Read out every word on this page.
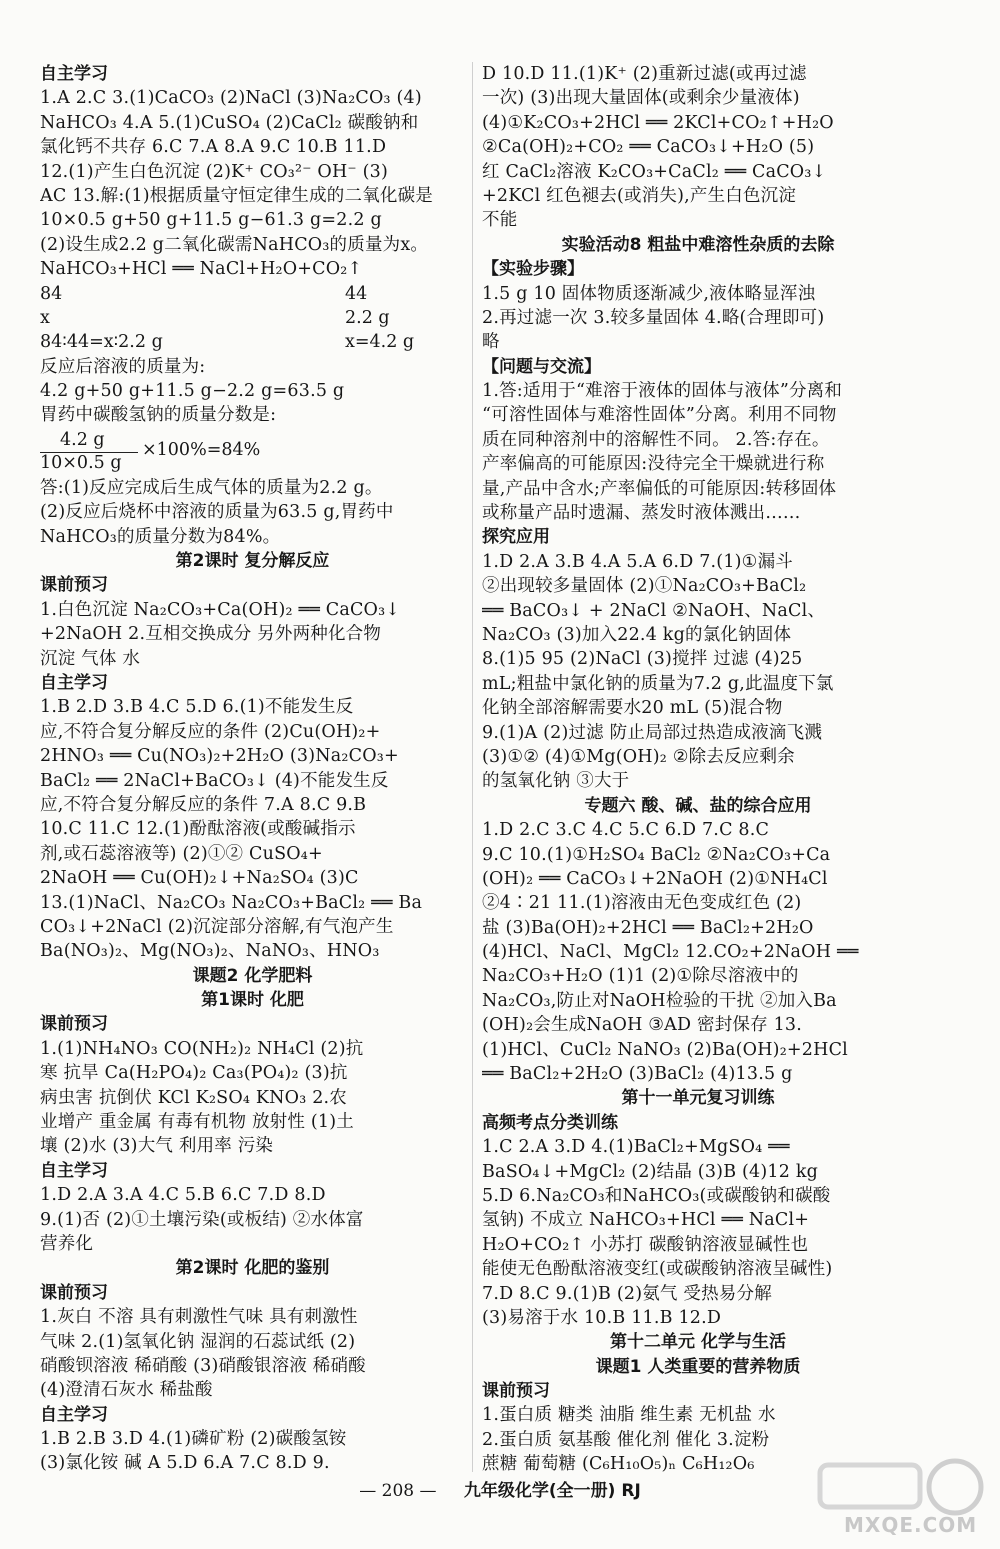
自主学习
1.A 2.C 3.(1)CaCO₃ (2)NaCl (3)Na₂CO₃ (4)
NaHCO₃ 4.A 5.(1)CuSO₄ (2)CaCl₂ 碳酸钠和
氯化钙不共存 6.C 7.A 8.A 9.C 10.B 11.D
12.(1)产生白色沉淀 (2)K⁺ CO₃²⁻ OH⁻ (3)
AC 13.解:(1)根据质量守恒定律生成的二氧化碳是
10×0.5 g+50 g+11.5 g−61.3 g=2.2 g
(2)设生成2.2 g二氧化碳需NaHCO₃的质量为x。
NaHCO₃+HCl ══ NaCl+H₂O+CO₂↑
84	44
x	2.2 g
84∶44=x∶2.2 g	x=4.2 g
反应后溶液的质量为:
4.2 g+50 g+11.5 g−2.2 g=63.5 g
胃药中碳酸氢钠的质量分数是:
4.2 g
10×0.5 g
×100%=84%
答:(1)反应完成后生成气体的质量为2.2 g。
(2)反应后烧杯中溶液的质量为63.5 g,胃药中
NaHCO₃的质量分数为84%。
第2课时 复分解反应
课前预习
1.白色沉淀 Na₂CO₃+Ca(OH)₂ ══ CaCO₃↓
+2NaOH 2.互相交换成分 另外两种化合物
沉淀 气体 水
自主学习
1.B 2.D 3.B 4.C 5.D 6.(1)不能发生反
应,不符合复分解反应的条件 (2)Cu(OH)₂+
2HNO₃ ══ Cu(NO₃)₂+2H₂O (3)Na₂CO₃+
BaCl₂ ══ 2NaCl+BaCO₃↓ (4)不能发生反
应,不符合复分解反应的条件 7.A 8.C 9.B
10.C 11.C 12.(1)酚酞溶液(或酸碱指示
剂,或石蕊溶液等) (2)①② CuSO₄+
2NaOH ══ Cu(OH)₂↓+Na₂SO₄ (3)C
13.(1)NaCl、Na₂CO₃ Na₂CO₃+BaCl₂ ══ Ba
CO₃↓+2NaCl (2)沉淀部分溶解,有气泡产生
Ba(NO₃)₂、Mg(NO₃)₂、NaNO₃、HNO₃
课题2 化学肥料
第1课时 化肥
课前预习
1.(1)NH₄NO₃ CO(NH₂)₂ NH₄Cl (2)抗
寒 抗旱 Ca(H₂PO₄)₂ Ca₃(PO₄)₂ (3)抗
病虫害 抗倒伏 KCl K₂SO₄ KNO₃ 2.农
业增产 重金属 有毒有机物 放射性 (1)土
壤 (2)水 (3)大气 利用率 污染
自主学习
1.D 2.A 3.A 4.C 5.B 6.C 7.D 8.D
9.(1)否 (2)①土壤污染(或板结) ②水体富
营养化
第2课时 化肥的鉴别
课前预习
1.灰白 不溶 具有刺激性气味 具有刺激性
气味 2.(1)氢氧化钠 湿润的石蕊试纸 (2)
硝酸钡溶液 稀硝酸 (3)硝酸银溶液 稀硝酸
(4)澄清石灰水 稀盐酸
自主学习
1.B 2.B 3.D 4.(1)磷矿粉 (2)碳酸氢铵
(3)氯化铵 碱 A 5.D 6.A 7.C 8.D 9.
D 10.D 11.(1)K⁺ (2)重新过滤(或再过滤
一次) (3)出现大量固体(或剩余少量液体)
(4)①K₂CO₃+2HCl ══ 2KCl+CO₂↑+H₂O
②Ca(OH)₂+CO₂ ══ CaCO₃↓+H₂O (5)
红 CaCl₂溶液 K₂CO₃+CaCl₂ ══ CaCO₃↓
+2KCl 红色褪去(或消失),产生白色沉淀
不能
实验活动8 粗盐中难溶性杂质的去除
【实验步骤】
1.5 g 10 固体物质逐渐减少,液体略显浑浊
2.再过滤一次 3.较多量固体 4.略(合理即可)
略
【问题与交流】
1.答:适用于“难溶于液体的固体与液体”分离和
“可溶性固体与难溶性固体”分离。利用不同物
质在同种溶剂中的溶解性不同。 2.答:存在。
产率偏高的可能原因:没待完全干燥就进行称
量,产品中含水;产率偏低的可能原因:转移固体
或称量产品时遗漏、蒸发时液体溅出……
探究应用
1.D 2.A 3.B 4.A 5.A 6.D 7.(1)①漏斗
②出现较多量固体 (2)①Na₂CO₃+BaCl₂
══ BaCO₃↓ + 2NaCl ②NaOH、NaCl、
Na₂CO₃ (3)加入22.4 kg的氯化钠固体
8.(1)5 95 (2)NaCl (3)搅拌 过滤 (4)25
mL;粗盐中氯化钠的质量为7.2 g,此温度下氯
化钠全部溶解需要水20 mL (5)混合物
9.(1)A (2)过滤 防止局部过热造成液滴飞溅
(3)①② (4)①Mg(OH)₂ ②除去反应剩余
的氢氧化钠 ③大于
专题六 酸、碱、盐的综合应用
1.D 2.C 3.C 4.C 5.C 6.D 7.C 8.C
9.C 10.(1)①H₂SO₄ BaCl₂ ②Na₂CO₃+Ca
(OH)₂ ══ CaCO₃↓+2NaOH (2)①NH₄Cl
②4∶21 11.(1)溶液由无色变成红色 (2)
盐 (3)Ba(OH)₂+2HCl ══ BaCl₂+2H₂O
(4)HCl、NaCl、MgCl₂ 12.CO₂+2NaOH ══
Na₂CO₃+H₂O (1)1 (2)①除尽溶液中的
Na₂CO₃,防止对NaOH检验的干扰 ②加入Ba
(OH)₂会生成NaOH ③AD 密封保存 13.
(1)HCl、CuCl₂ NaNO₃ (2)Ba(OH)₂+2HCl
══ BaCl₂+2H₂O (3)BaCl₂ (4)13.5 g
第十一单元复习训练
高频考点分类训练
1.C 2.A 3.D 4.(1)BaCl₂+MgSO₄ ══
BaSO₄↓+MgCl₂ (2)结晶 (3)B (4)12 kg
5.D 6.Na₂CO₃和NaHCO₃(或碳酸钠和碳酸
氢钠) 不成立 NaHCO₃+HCl ══ NaCl+
H₂O+CO₂↑ 小苏打 碳酸钠溶液显碱性也
能使无色酚酞溶液变红(或碳酸钠溶液呈碱性)
7.D 8.C 9.(1)B (2)氨气 受热易分解
(3)易溶于水 10.B 11.B 12.D
第十二单元 化学与生活
课题1 人类重要的营养物质
课前预习
1.蛋白质 糖类 油脂 维生素 无机盐 水
2.蛋白质 氨基酸 催化剂 催化 3.淀粉
蔗糖 葡萄糖 (C₆H₁₀O₅)ₙ C₆H₁₂O₆
— 208 — 九年级化学(全一册) RJ
MXQE.COM
